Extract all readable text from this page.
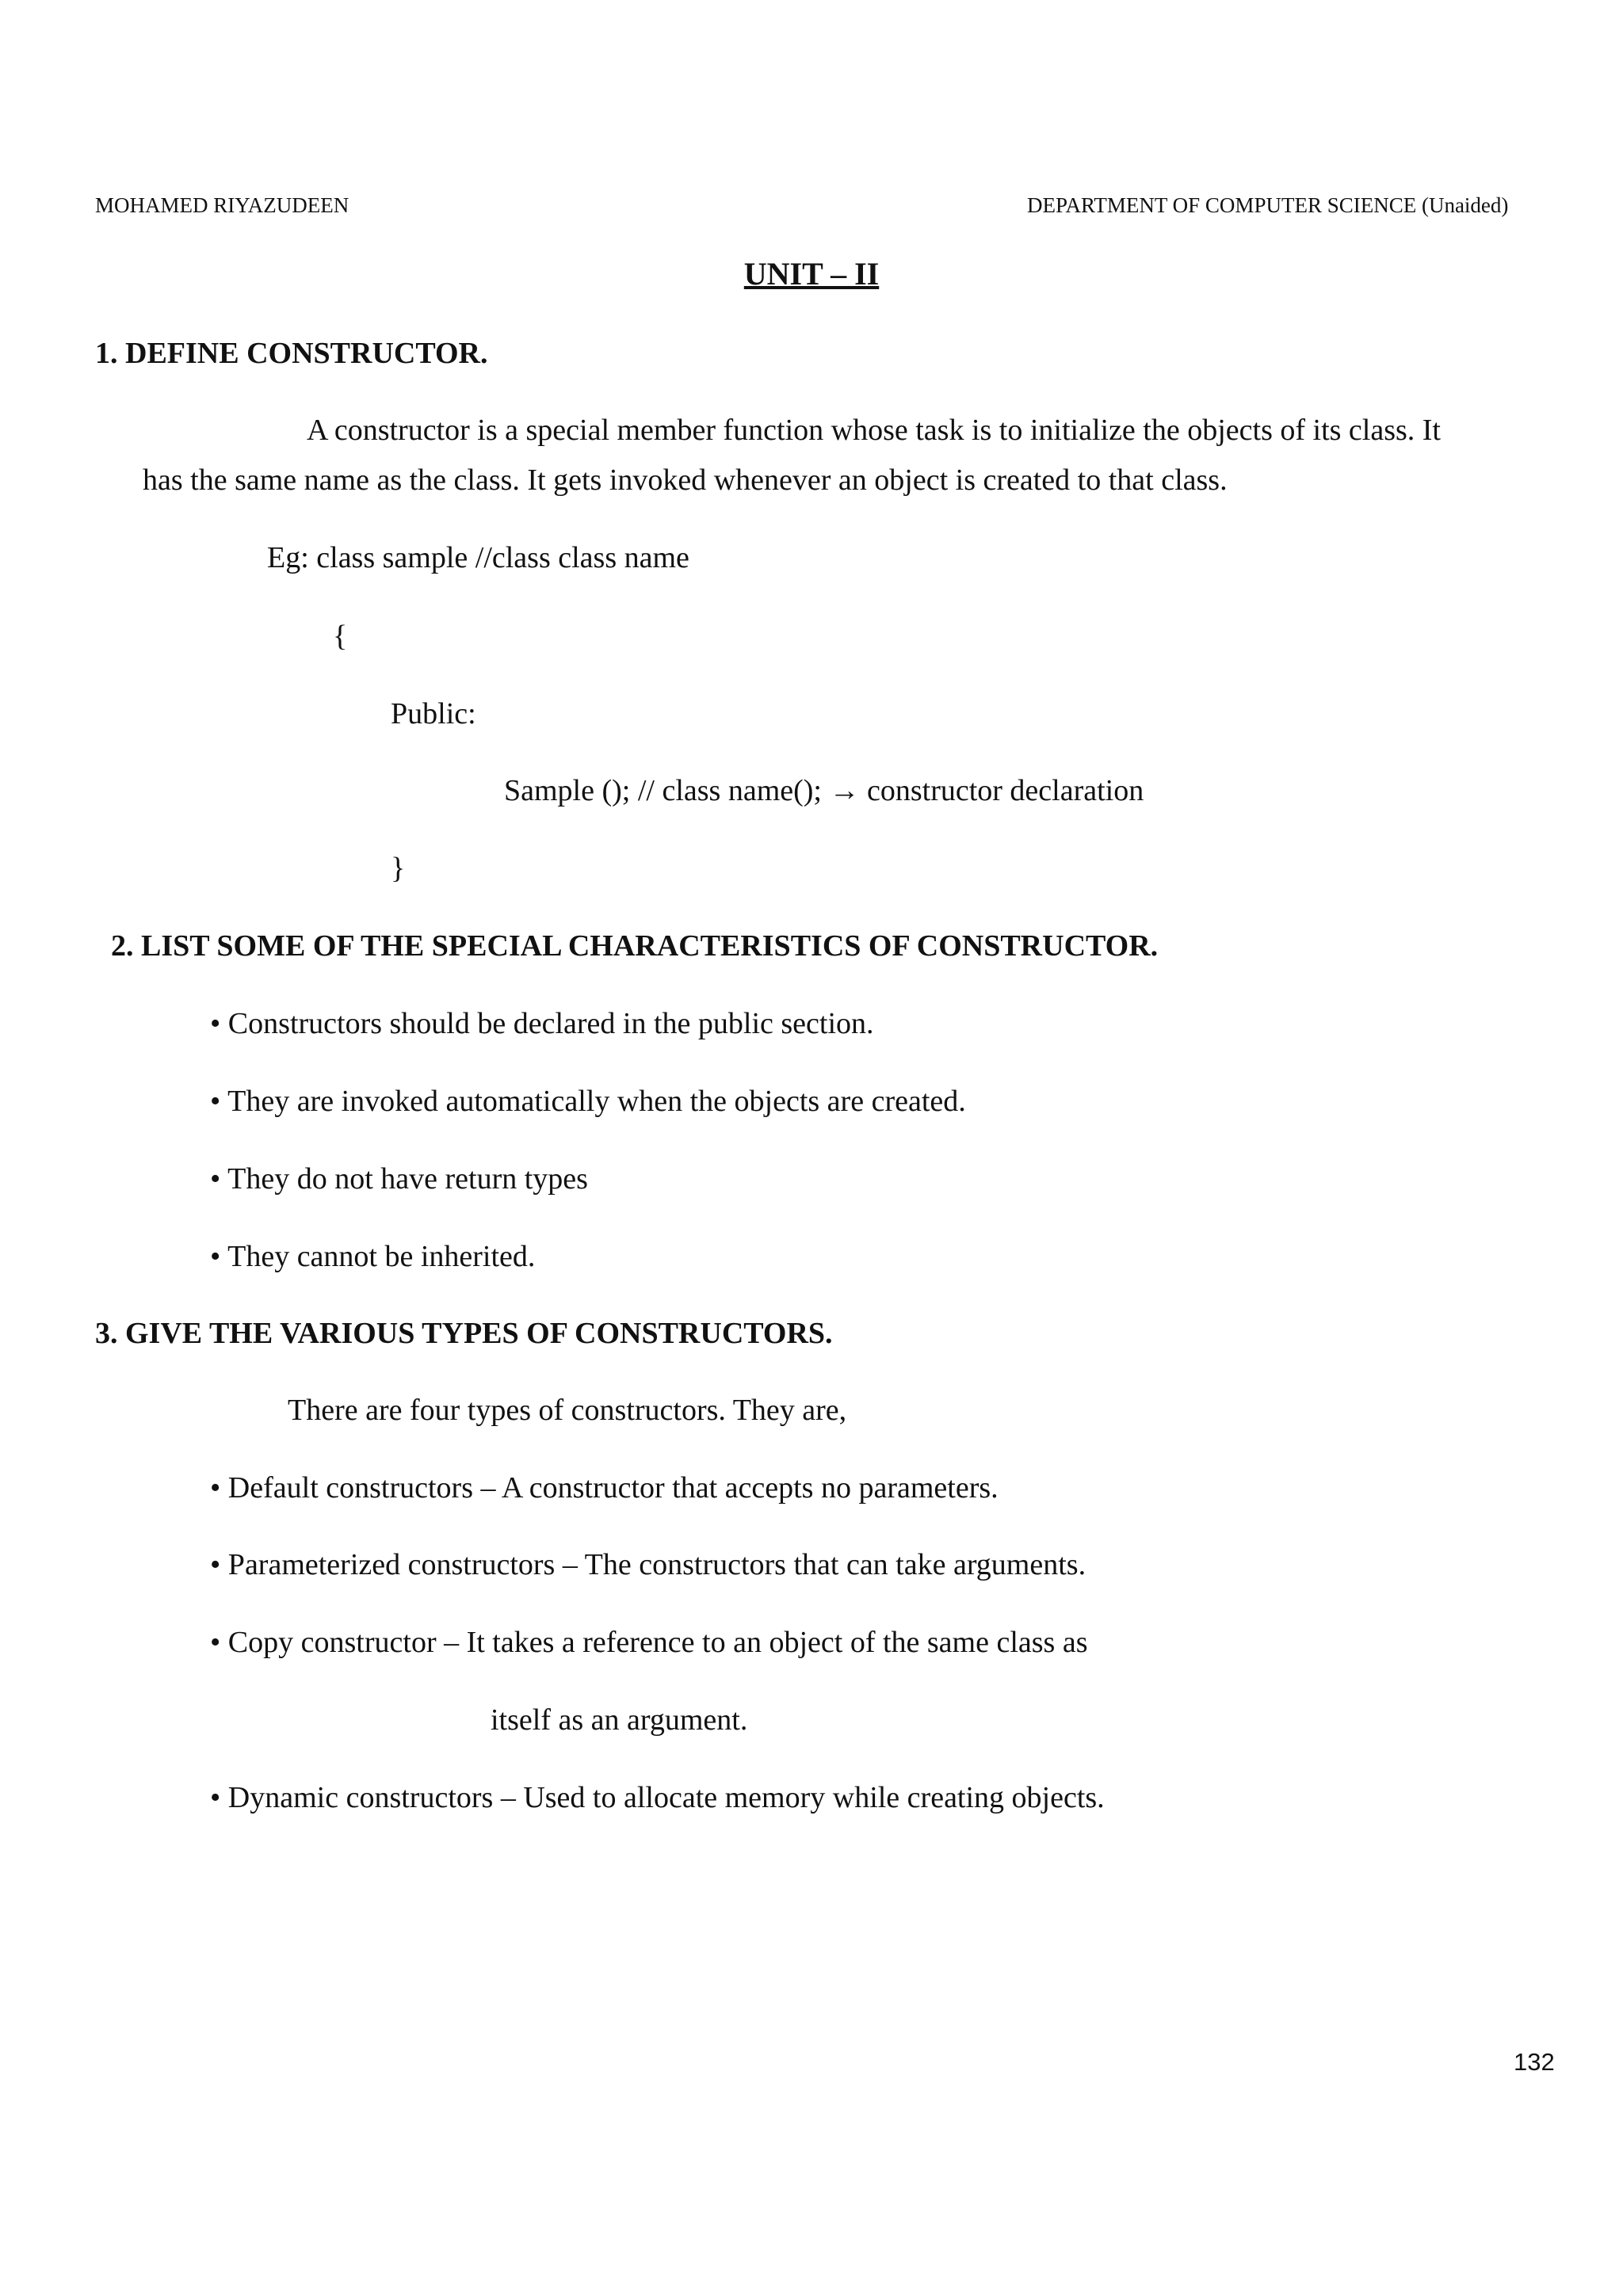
MOHAMED RIYAZUDEEN	DEPARTMENT OF COMPUTER SCIENCE (Unaided)
UNIT – II
1. DEFINE CONSTRUCTOR.
A constructor is a special member function whose task is to initialize the objects of its class. It
has the same name as the class. It gets invoked whenever an object is created to that class.
Eg: class sample //class class name
{
Public:
Sample (); // class name(); → constructor declaration
}
2. LIST SOME OF THE SPECIAL CHARACTERISTICS OF CONSTRUCTOR.
• Constructors should be declared in the public section.
• They are invoked automatically when the objects are created.
• They do not have return types
• They cannot be inherited.
3. GIVE THE VARIOUS TYPES OF CONSTRUCTORS.
There are four types of constructors. They are,
• Default constructors – A constructor that accepts no parameters.
• Parameterized constructors – The constructors that can take arguments.
• Copy constructor – It takes a reference to an object of the same class as
itself as an argument.
• Dynamic constructors – Used to allocate memory while creating objects.
132
